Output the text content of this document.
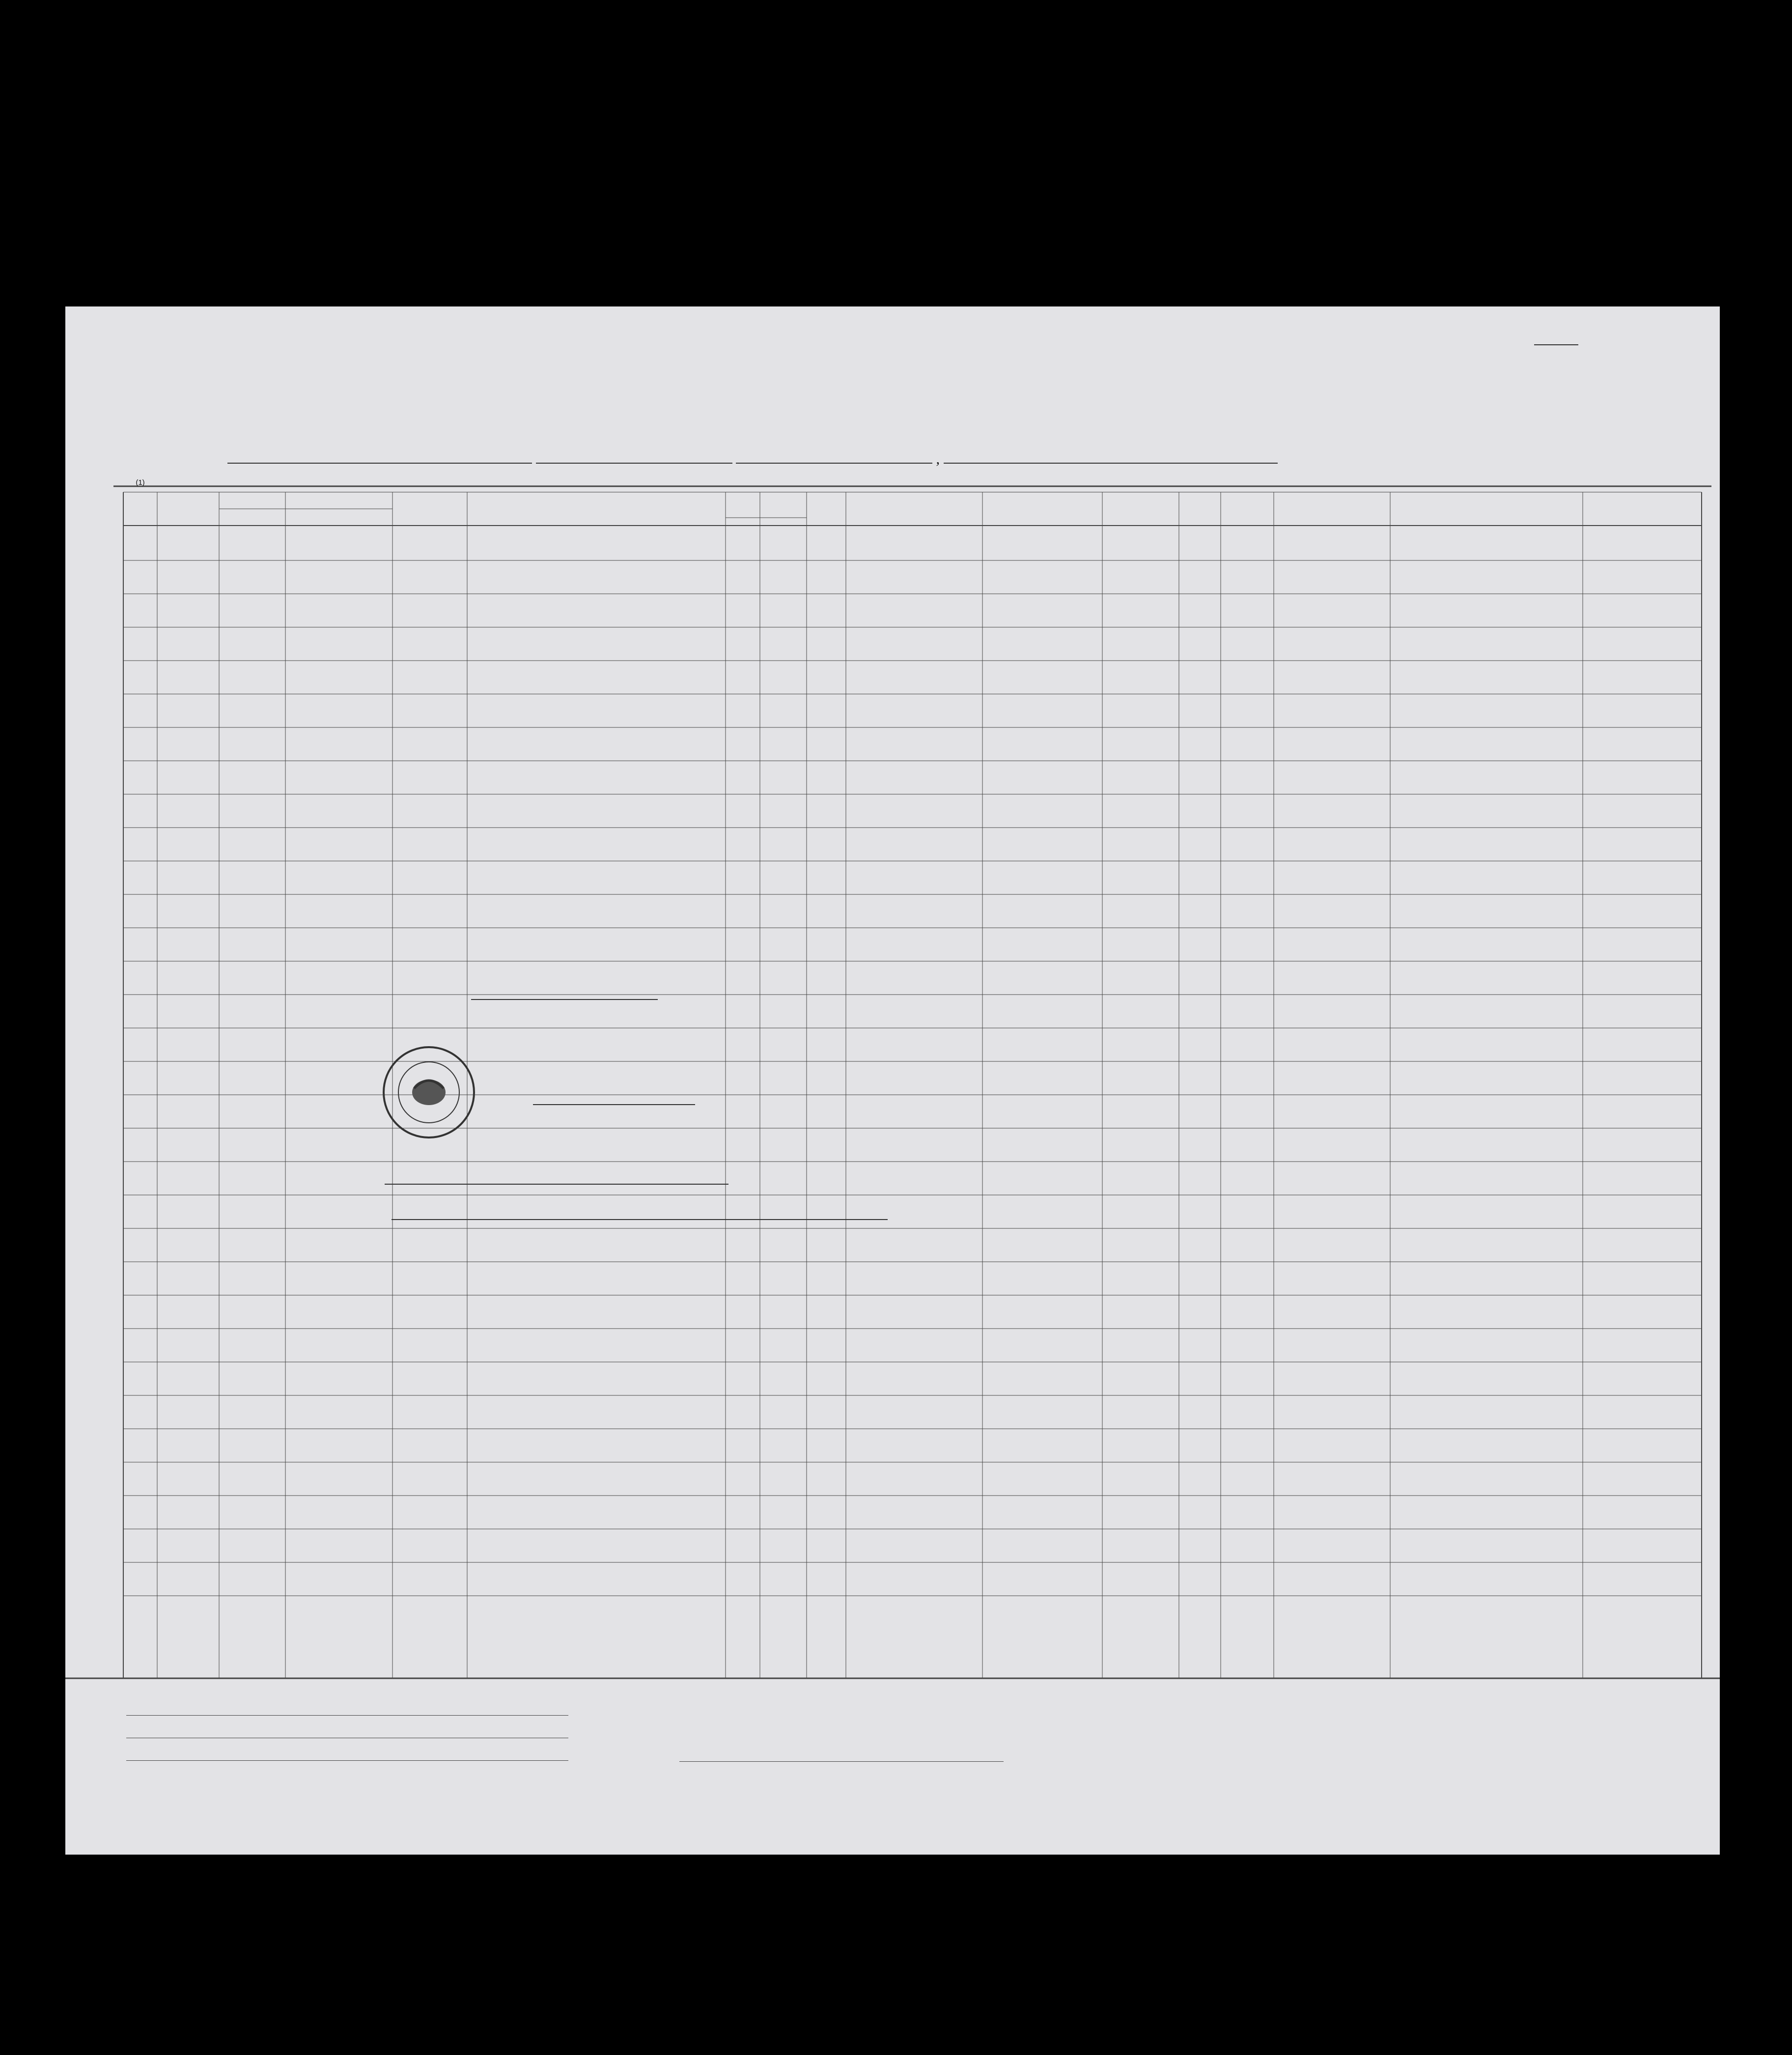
,
(1)
